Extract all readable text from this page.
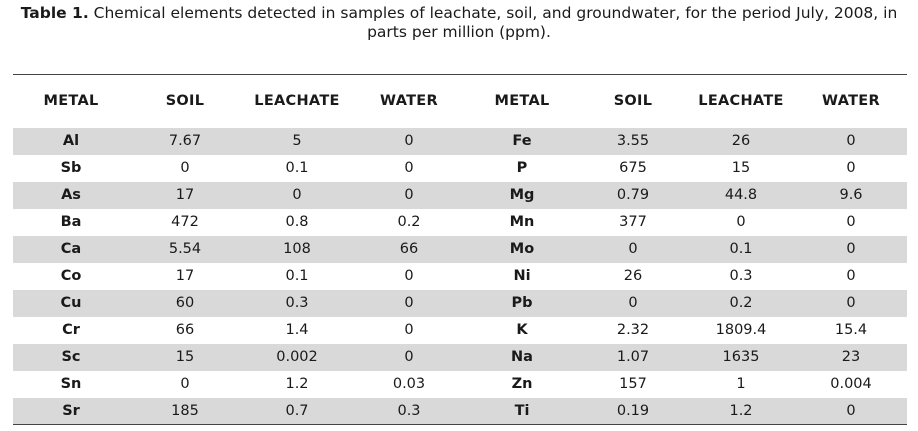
Table 1. Chemical elements detected in samples of leachate, soil, and groundwater, for the period July, 2008, in parts per million (ppm).
METAL	SOIL	LEACHATE	WATER	METAL	SOIL	LEACHATE	WATER
Al	7.67	5	0	Fe	3.55	26	0
Sb	0	0.1	0	P	675	15	0
As	17	0	0	Mg	0.79	44.8	9.6
Ba	472	0.8	0.2	Mn	377	0	0
Ca	5.54	108	66	Mo	0	0.1	0
Co	17	0.1	0	Ni	26	0.3	0
Cu	60	0.3	0	Pb	0	0.2	0
Cr	66	1.4	0	K	2.32	1809.4	15.4
Sc	15	0.002	0	Na	1.07	1635	23
Sn	0	1.2	0.03	Zn	157	1	0.004
Sr	185	0.7	0.3	Ti	0.19	1.2	0
